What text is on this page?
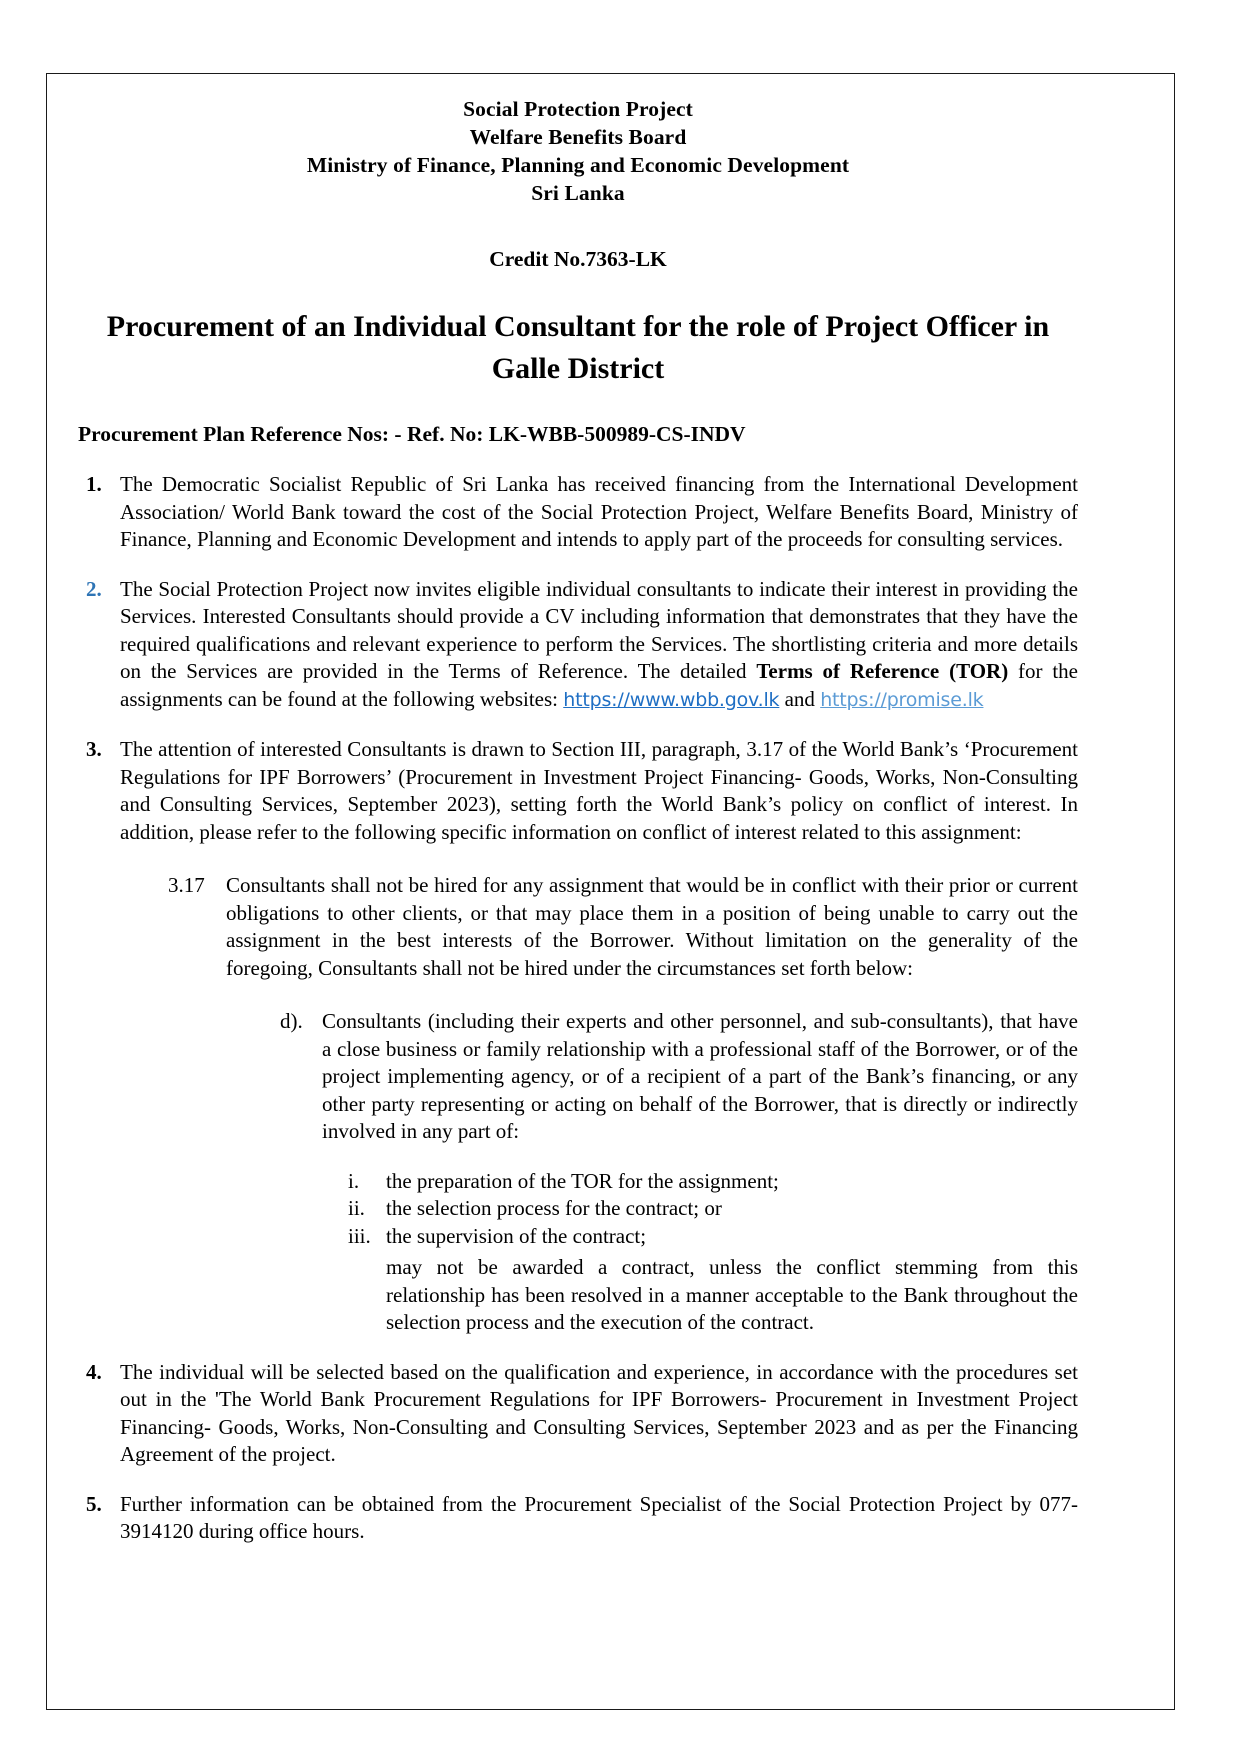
Social Protection Project
Welfare Benefits Board
Ministry of Finance, Planning and Economic Development
Sri Lanka
Credit No.7363-LK
Procurement of an Individual Consultant for the role of Project Officer in Galle District
Procurement Plan Reference Nos: - Ref. No: LK-WBB-500989-CS-INDV
1. The Democratic Socialist Republic of Sri Lanka has received financing from the International Development Association/ World Bank toward the cost of the Social Protection Project, Welfare Benefits Board, Ministry of Finance, Planning and Economic Development and intends to apply part of the proceeds for consulting services.
2. The Social Protection Project now invites eligible individual consultants to indicate their interest in providing the Services. Interested Consultants should provide a CV including information that demonstrates that they have the required qualifications and relevant experience to perform the Services. The shortlisting criteria and more details on the Services are provided in the Terms of Reference. The detailed Terms of Reference (TOR) for the assignments can be found at the following websites: https://www.wbb.gov.lk and https://promise.lk
3. The attention of interested Consultants is drawn to Section III, paragraph, 3.17 of the World Bank’s ‘Procurement Regulations for IPF Borrowers’ (Procurement in Investment Project Financing- Goods, Works, Non-Consulting and Consulting Services, September 2023), setting forth the World Bank’s policy on conflict of interest. In addition, please refer to the following specific information on conflict of interest related to this assignment:
3.17 Consultants shall not be hired for any assignment that would be in conflict with their prior or current obligations to other clients, or that may place them in a position of being unable to carry out the assignment in the best interests of the Borrower. Without limitation on the generality of the foregoing, Consultants shall not be hired under the circumstances set forth below:
d). Consultants (including their experts and other personnel, and sub-consultants), that have a close business or family relationship with a professional staff of the Borrower, or of the project implementing agency, or of a recipient of a part of the Bank’s financing, or any other party representing or acting on behalf of the Borrower, that is directly or indirectly involved in any part of:
i.	the preparation of the TOR for the assignment;
ii.	the selection process for the contract; or
iii. the supervision of the contract;
may not be awarded a contract, unless the conflict stemming from this relationship has been resolved in a manner acceptable to the Bank throughout the selection process and the execution of the contract.
4. The individual will be selected based on the qualification and experience, in accordance with the procedures set out in the 'The World Bank Procurement Regulations for IPF Borrowers- Procurement in Investment Project Financing- Goods, Works, Non-Consulting and Consulting Services, September 2023 and as per the Financing Agreement of the project.
5. Further information can be obtained from the Procurement Specialist of the Social Protection Project by 077-3914120 during office hours.
